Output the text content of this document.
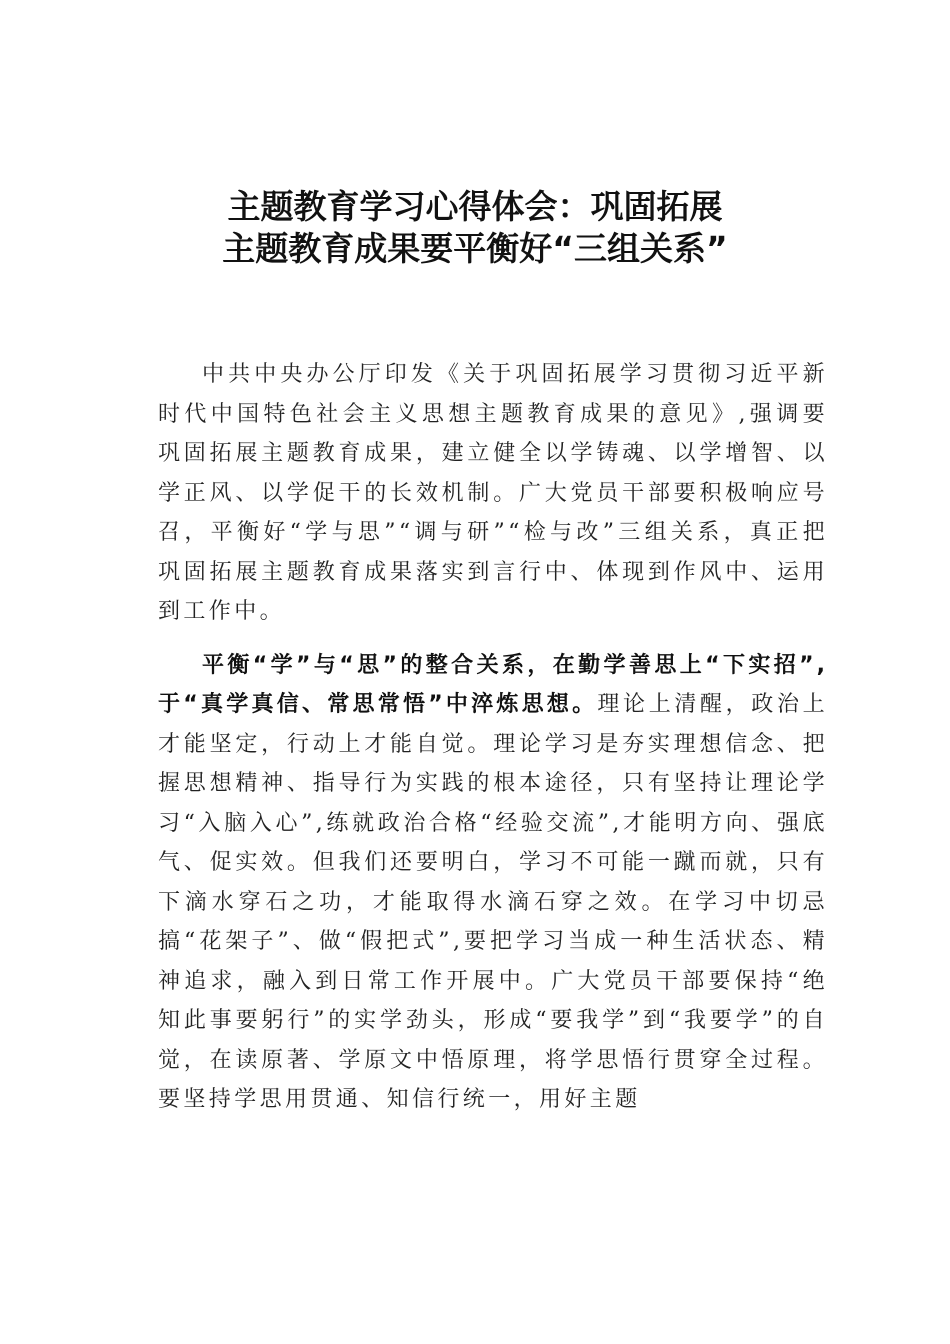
主题教育学习心得体会：巩固拓展
主题教育成果要平衡好“三组关系”

中共中央办公厅印发《关于巩固拓展学习贯彻习近平新时代中国特色社会主义思想主题教育成果的意见》,强调要巩固拓展主题教育成果，建立健全以学铸魂、以学增智、以学正风、以学促干的长效机制。广大党员干部要积极响应号召，平衡好“学与思”“调与研”“检与改”三组关系，真正把巩固拓展主题教育成果落实到言行中、体现到作风中、运用到工作中。

平衡“学”与“思”的整合关系，在勤学善思上“下实招”,于“真学真信、常思常悟”中淬炼思想。理论上清醒，政治上才能坚定，行动上才能自觉。理论学习是夯实理想信念、把握思想精神、指导行为实践的根本途径，只有坚持让理论学习“入脑入心”,练就政治合格“经验交流”,才能明方向、强底气、促实效。但我们还要明白，学习不可能一蹴而就，只有下滴水穿石之功，才能取得水滴石穿之效。在学习中切忌搞“花架子”、做“假把式”,要把学习当成一种生活状态、精神追求，融入到日常工作开展中。广大党员干部要保持“绝知此事要躬行”的实学劲头，形成“要我学”到“我要学”的自觉，在读原著、学原文中悟原理，将学思悟行贯穿全过程。要坚持学思用贯通、知信行统一，用好主题
